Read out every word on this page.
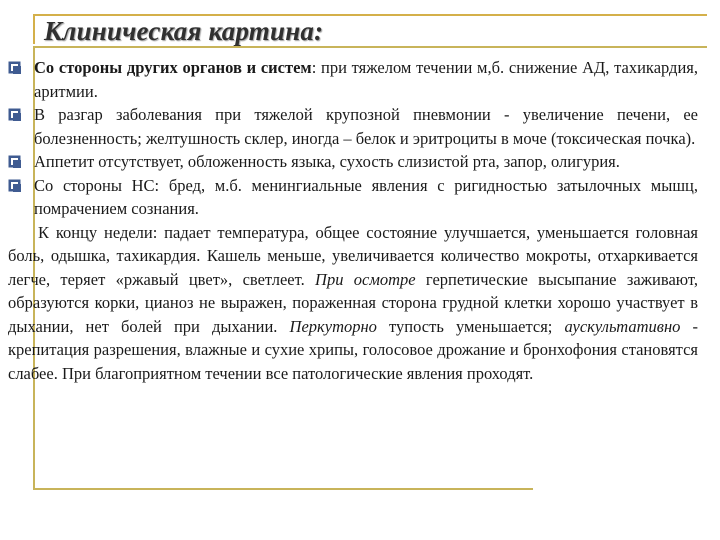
Клиническая картина:
Со стороны других органов и систем: при тяжелом течении м,б. снижение АД, тахикардия, аритмии.
В разгар заболевания при тяжелой крупозной пневмонии - увеличение печени, ее болезненность; желтушность склер, иногда – белок и эритроциты в моче (токсическая почка).
Аппетит отсутствует, обложенность языка, сухость слизистой рта, запор, олигурия.
Со стороны НС: бред, м.б. менингиальные явления с ригидностью затылочных мышц, помрачением сознания.

К концу недели: падает температура, общее состояние улучшается, уменьшается головная боль, одышка, тахикардия. Кашель меньше, увеличивается количество мокроты, отхаркивается легче, теряет «ржавый цвет», светлеет. При осмотре герпетические высыпание заживают, образуются корки, цианоз не выражен, пораженная сторона грудной клетки хорошо участвует в дыхании, нет болей при дыхании. Перкуторно тупость уменьшается; аускультативно - крепитация разрешения, влажные и сухие хрипы, голосовое дрожание и бронхофония становятся слабее. При благоприятном течении все патологические явления проходят.
